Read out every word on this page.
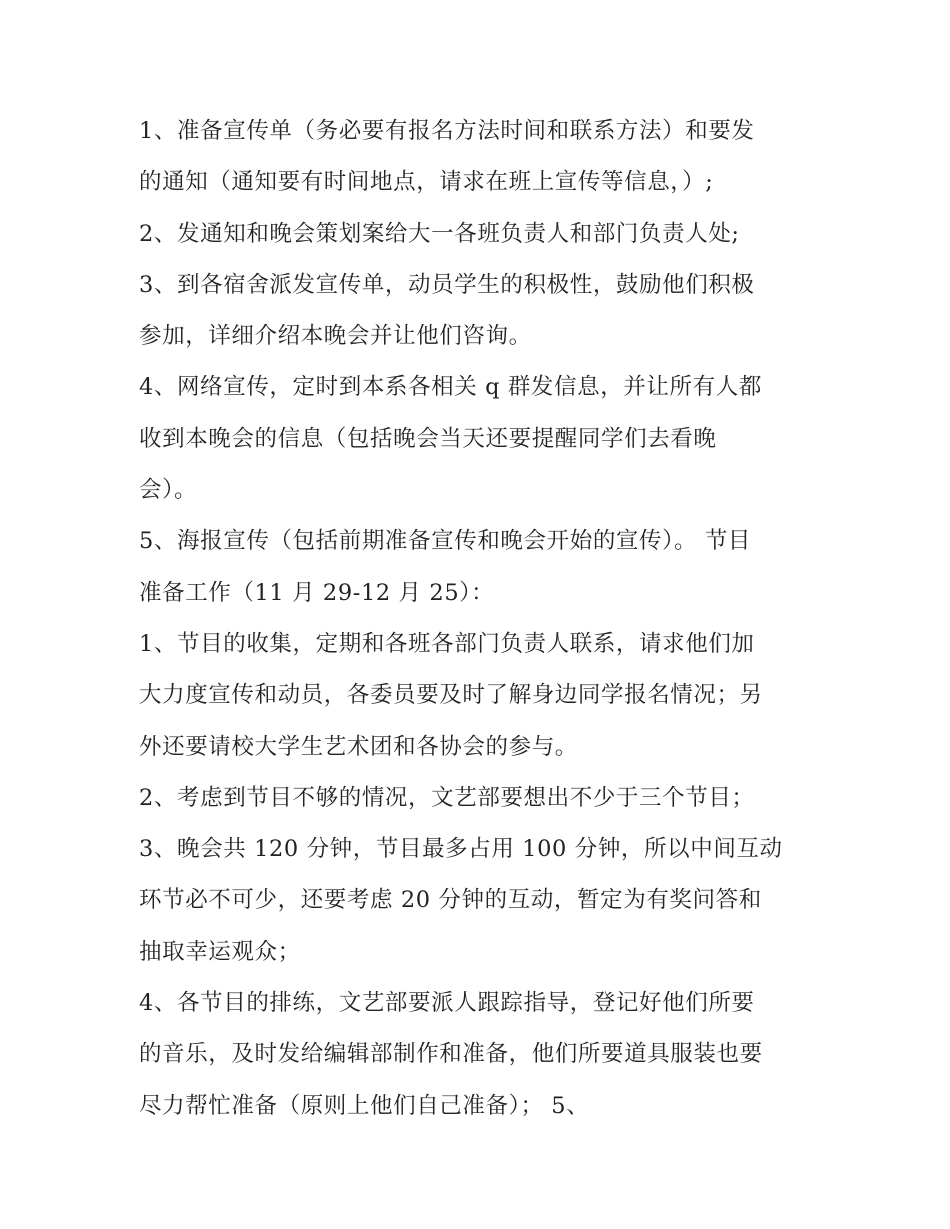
1、准备宣传单（务必要有报名方法时间和联系方法）和要发
的通知（通知要有时间地点，请求在班上宣传等信息，）;
2、发通知和晚会策划案给大一各班负责人和部门负责人处;
3、到各宿舍派发宣传单，动员学生的积极性，鼓励他们积极
参加，详细介绍本晚会并让他们咨询。
4、网络宣传，定时到本系各相关 q 群发信息，并让所有人都
收到本晚会的信息（包括晚会当天还要提醒同学们去看晚
会）。
5、海报宣传（包括前期准备宣传和晚会开始的宣传）。 节目
准备工作（11 月 29-12 月 25）：
1、节目的收集，定期和各班各部门负责人联系，请求他们加
大力度宣传和动员，各委员要及时了解身边同学报名情况；另
外还要请校大学生艺术团和各协会的参与。
2、考虑到节目不够的情况，文艺部要想出不少于三个节目；
3、晚会共 120 分钟，节目最多占用 100 分钟，所以中间互动
环节必不可少，还要考虑 20 分钟的互动，暂定为有奖问答和
抽取幸运观众；
4、各节目的排练，文艺部要派人跟踪指导，登记好他们所要
的音乐，及时发给编辑部制作和准备，他们所要道具服装也要
尽力帮忙准备（原则上他们自己准备）； 5、
